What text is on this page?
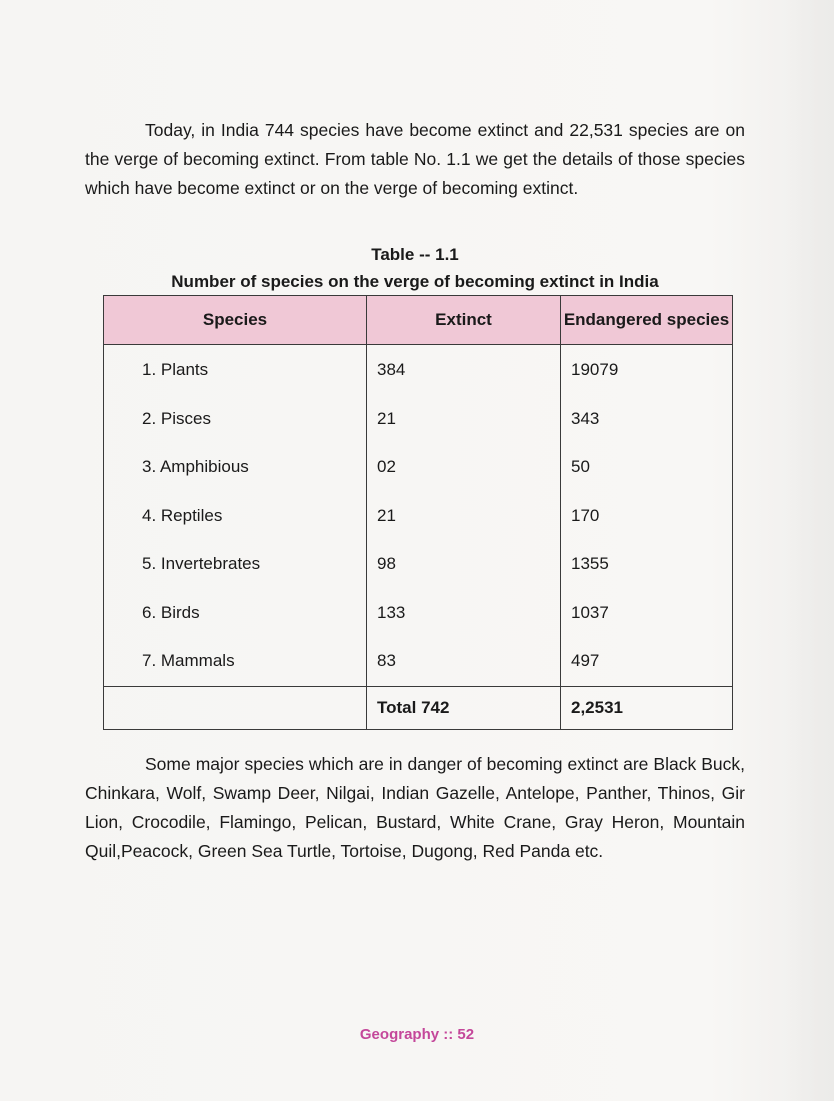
Today, in India 744 species have become extinct and 22,531 species are on the verge of becoming extinct. From table No. 1.1 we get the details of those species which have become extinct or on the verge of becoming extinct.

Table -- 1.1

Number of species on the verge of becoming extinct in India

Species	Extinct	Endangered species
1. Plants	384	19079
2. Pisces	21	343
3. Amphibious	02	50
4. Reptiles	21	170
5. Invertebrates	98	1355
6. Birds	133	1037
7. Mammals	83	497
	Total 742	2,2531

Some major species which are in danger of becoming extinct are Black Buck, Chinkara, Wolf, Swamp Deer, Nilgai, Indian Gazelle, Antelope, Panther, Thinos, Gir Lion, Crocodile, Flamingo, Pelican, Bustard, White Crane, Gray Heron, Mountain Quil,Peacock, Green Sea Turtle, Tortoise, Dugong, Red Panda etc.

Geography :: 52
